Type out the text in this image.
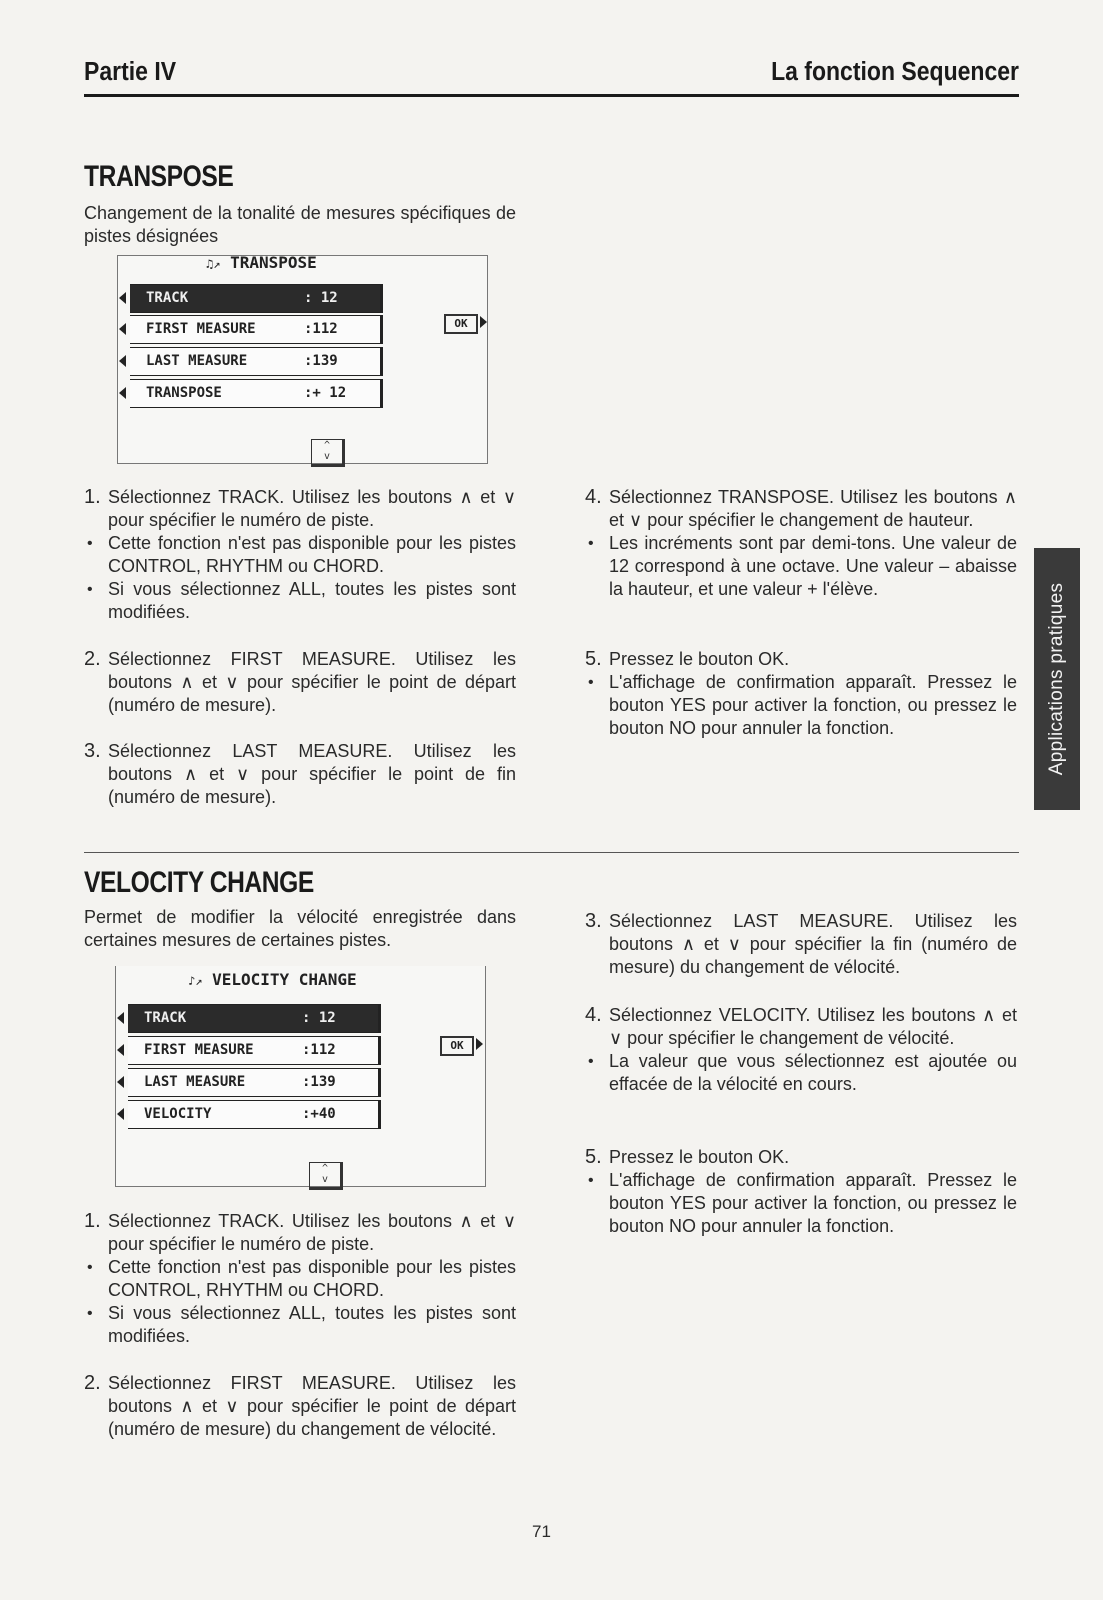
Partie IV	La fonction Sequencer
TRANSPOSE
Changement de la tonalité de mesures spécifiques de pistes désignées
♫↗ TRANSPOSE
TRACK	: 12
FIRST MEASURE	:112
LAST MEASURE	:139
TRANSPOSE	:+ 12
OK
^
v
1. Sélectionnez TRACK. Utilisez les boutons ∧ et ∨ pour spécifier le numéro de piste.
• Cette fonction n'est pas disponible pour les pistes CONTROL, RHYTHM ou CHORD.
• Si vous sélectionnez ALL, toutes les pistes sont modifiées.
2. Sélectionnez FIRST MEASURE. Utilisez les boutons ∧ et ∨ pour spécifier le point de départ (numéro de mesure).
3. Sélectionnez LAST MEASURE. Utilisez les boutons ∧ et ∨ pour spécifier le point de fin (numéro de mesure).
4. Sélectionnez TRANSPOSE. Utilisez les boutons ∧ et ∨ pour spécifier le changement de hauteur.
• Les incréments sont par demi-tons. Une valeur de 12 correspond à une octave. Une valeur – abaisse la hauteur, et une valeur + l'élève.
5. Pressez le bouton OK.
• L'affichage de confirmation apparaît. Pressez le bouton YES pour activer la fonction, ou pressez le bouton NO pour annuler la fonction.	Applications pratiques
VELOCITY CHANGE
Permet de modifier la vélocité enregistrée dans certaines mesures de certaines pistes.
♪↗ VELOCITY CHANGE
TRACK	: 12
FIRST MEASURE	:112
LAST MEASURE	:139
VELOCITY	:+40
OK
^
v
1. Sélectionnez TRACK. Utilisez les boutons ∧ et ∨ pour spécifier le numéro de piste.
• Cette fonction n'est pas disponible pour les pistes CONTROL, RHYTHM ou CHORD.
• Si vous sélectionnez ALL, toutes les pistes sont modifiées.
2. Sélectionnez FIRST MEASURE. Utilisez les boutons ∧ et ∨ pour spécifier le point de départ (numéro de mesure) du changement de vélocité.
3. Sélectionnez LAST MEASURE. Utilisez les boutons ∧ et ∨ pour spécifier la fin (numéro de mesure) du changement de vélocité.
4. Sélectionnez VELOCITY. Utilisez les boutons ∧ et ∨ pour spécifier le changement de vélocité.
• La valeur que vous sélectionnez est ajoutée ou effacée de la vélocité en cours.
5. Pressez le bouton OK.
• L'affichage de confirmation apparaît. Pressez le bouton YES pour activer la fonction, ou pressez le bouton NO pour annuler la fonction.
71
